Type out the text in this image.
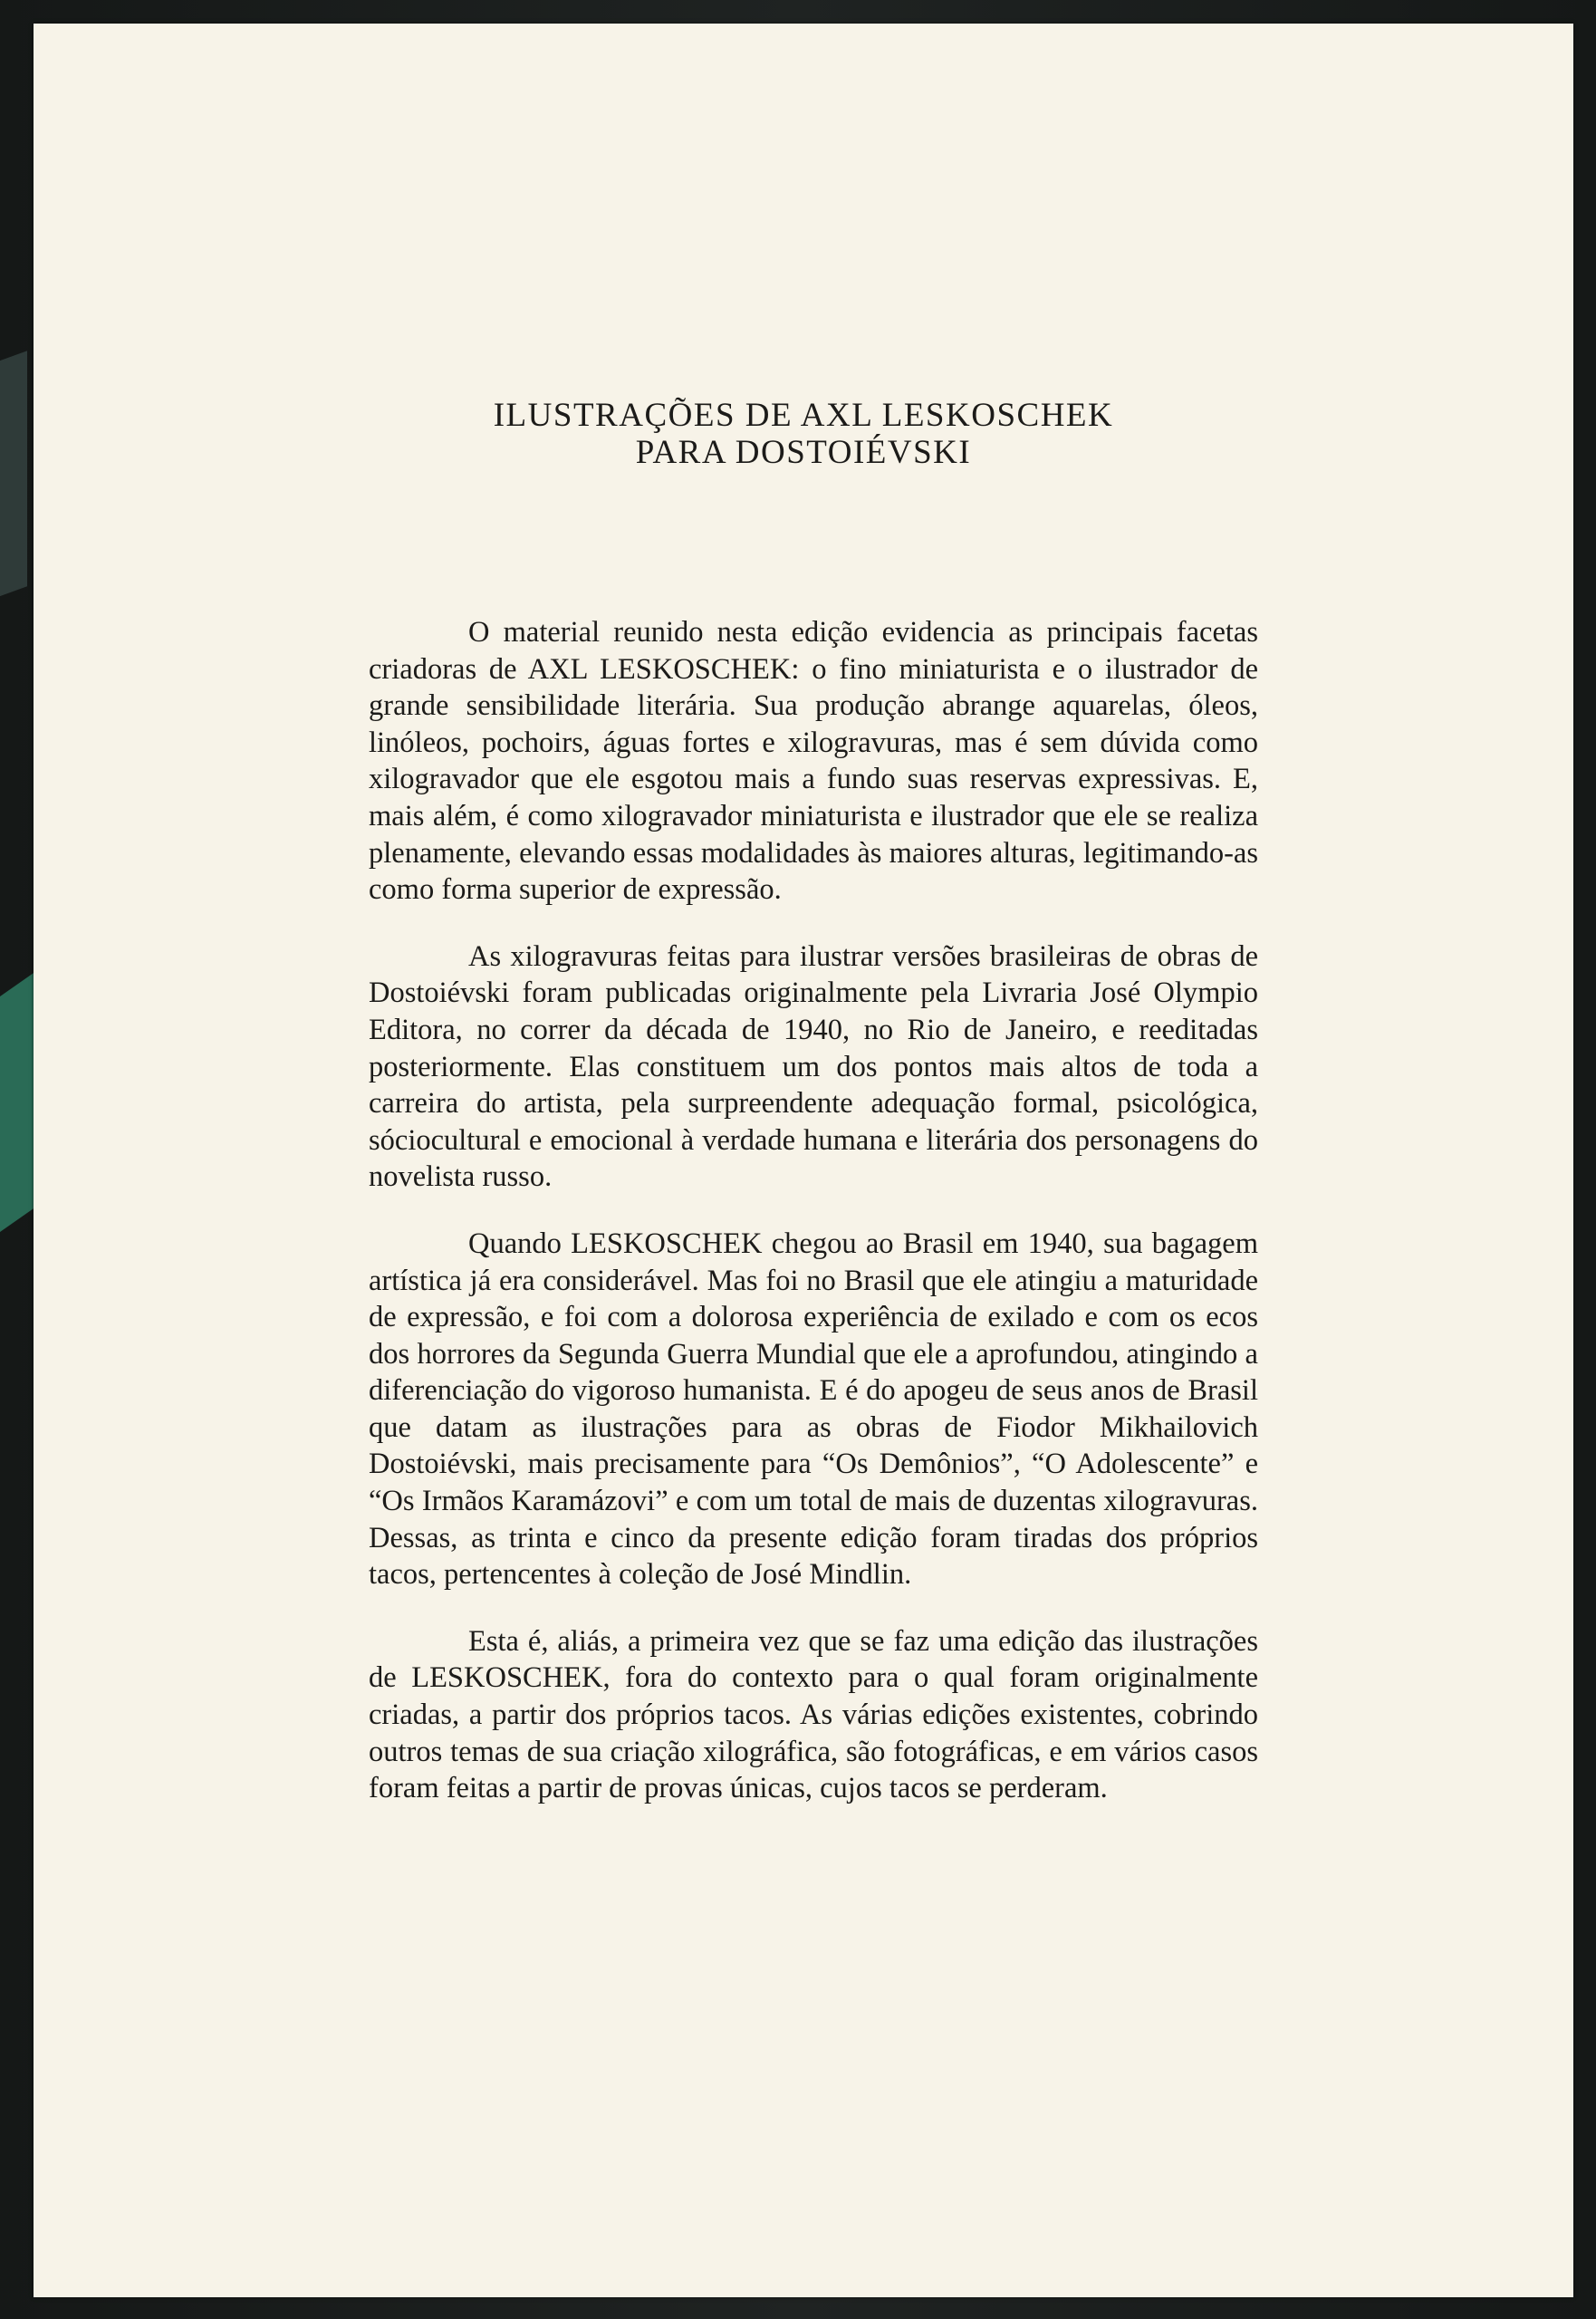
ILUSTRAÇÕES DE AXL LESKOSCHEK
PARA DOSTOIÉVSKI

O material reunido nesta edição evidencia as principais facetas criadoras de AXL LESKOSCHEK: o fino miniaturista e o ilustrador de grande sensibilidade literária. Sua produção abrange aquarelas, óleos, linóleos, pochoirs, águas fortes e xilogravuras, mas é sem dúvida como xilogravador que ele esgotou mais a fundo suas reservas expressivas. E, mais além, é como xilogravador miniaturista e ilustrador que ele se realiza plenamente, elevando essas modalidades às maiores alturas, legitimando-as como forma superior de expressão.

As xilogravuras feitas para ilustrar versões brasileiras de obras de Dostoiévski foram publicadas originalmente pela Livraria José Olympio Editora, no correr da década de 1940, no Rio de Janeiro, e reeditadas posteriormente. Elas constituem um dos pontos mais altos de toda a carreira do artista, pela surpreendente adequação formal, psicológica, sóciocultural e emocional à verdade humana e literária dos personagens do novelista russo.

Quando LESKOSCHEK chegou ao Brasil em 1940, sua bagagem artística já era considerável. Mas foi no Brasil que ele atingiu a maturidade de expressão, e foi com a dolorosa experiência de exilado e com os ecos dos horrores da Segunda Guerra Mundial que ele a aprofundou, atingindo a diferenciação do vigoroso humanista. E é do apogeu de seus anos de Brasil que datam as ilustrações para as obras de Fiodor Mikhailovich Dostoiévski, mais precisamente para “Os Demônios”, “O Adolescente” e “Os Irmãos Karamázovi” e com um total de mais de duzentas xilogravuras. Dessas, as trinta e cinco da presente edição foram tiradas dos próprios tacos, pertencentes à coleção de José Mindlin.

Esta é, aliás, a primeira vez que se faz uma edição das ilustrações de LESKOSCHEK, fora do contexto para o qual foram originalmente criadas, a partir dos próprios tacos. As várias edições existentes, cobrindo outros temas de sua criação xilográfica, são fotográficas, e em vários casos foram feitas a partir de provas únicas, cujos tacos se perderam.
